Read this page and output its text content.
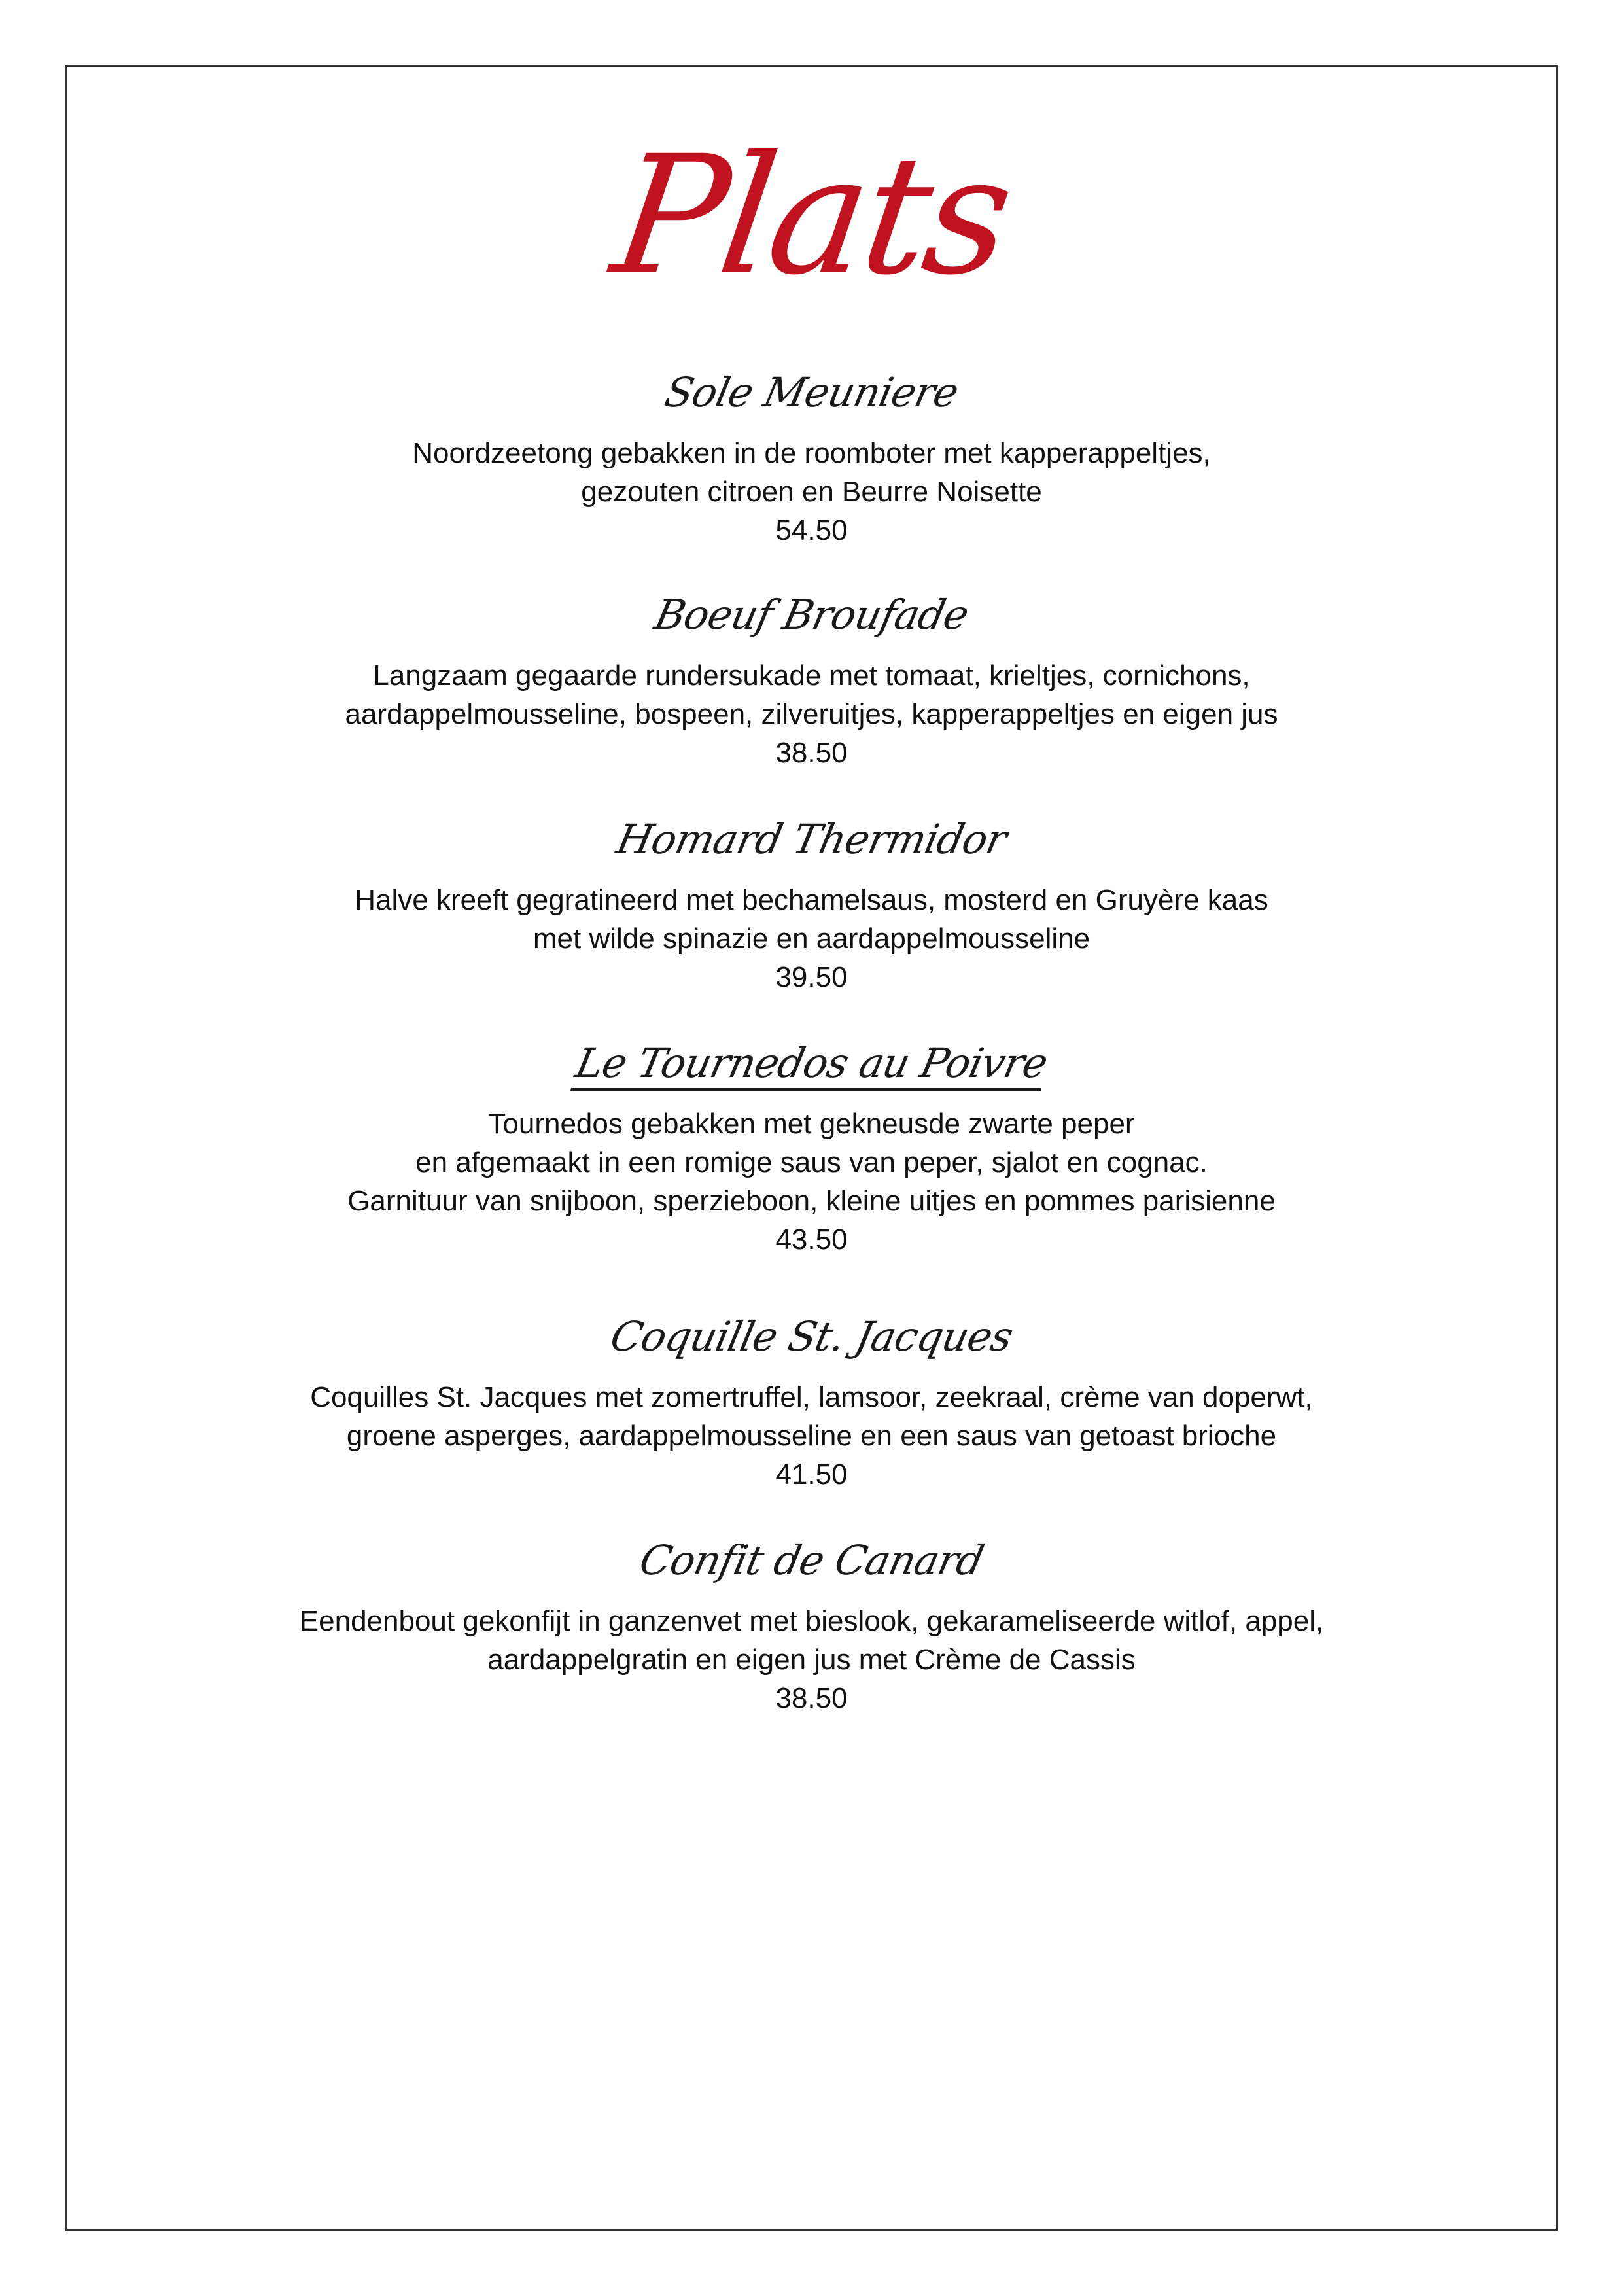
Plats
Sole Meuniere
Noordzeetong gebakken in de roomboter met kapperappeltjes,
gezouten citroen en Beurre Noisette
54.50
Boeuf Broufade
Langzaam gegaarde rundersukade met tomaat, krieltjes, cornichons,
aardappelmousseline, bospeen, zilveruitjes, kapperappeltjes en eigen jus
38.50
Homard Thermidor
Halve kreeft gegratineerd met bechamelsaus, mosterd en Gruyère kaas
met wilde spinazie en aardappelmousseline
39.50
Le Tournedos au Poivre
Tournedos gebakken met gekneusde zwarte peper
en afgemaakt in een romige saus van peper, sjalot en cognac.
Garnituur van snijboon, sperzieboon, kleine uitjes en pommes parisienne
43.50
Coquille St. Jacques
Coquilles St. Jacques met zomertruffel, lamsoor, zeekraal, crème van doperwt,
groene asperges, aardappelmousseline en een saus van getoast brioche
41.50
Confit de Canard
Eendenbout gekonfijt in ganzenvet met bieslook, gekarameliseerde witlof, appel,
aardappelgratin en eigen jus met Crème de Cassis
38.50
